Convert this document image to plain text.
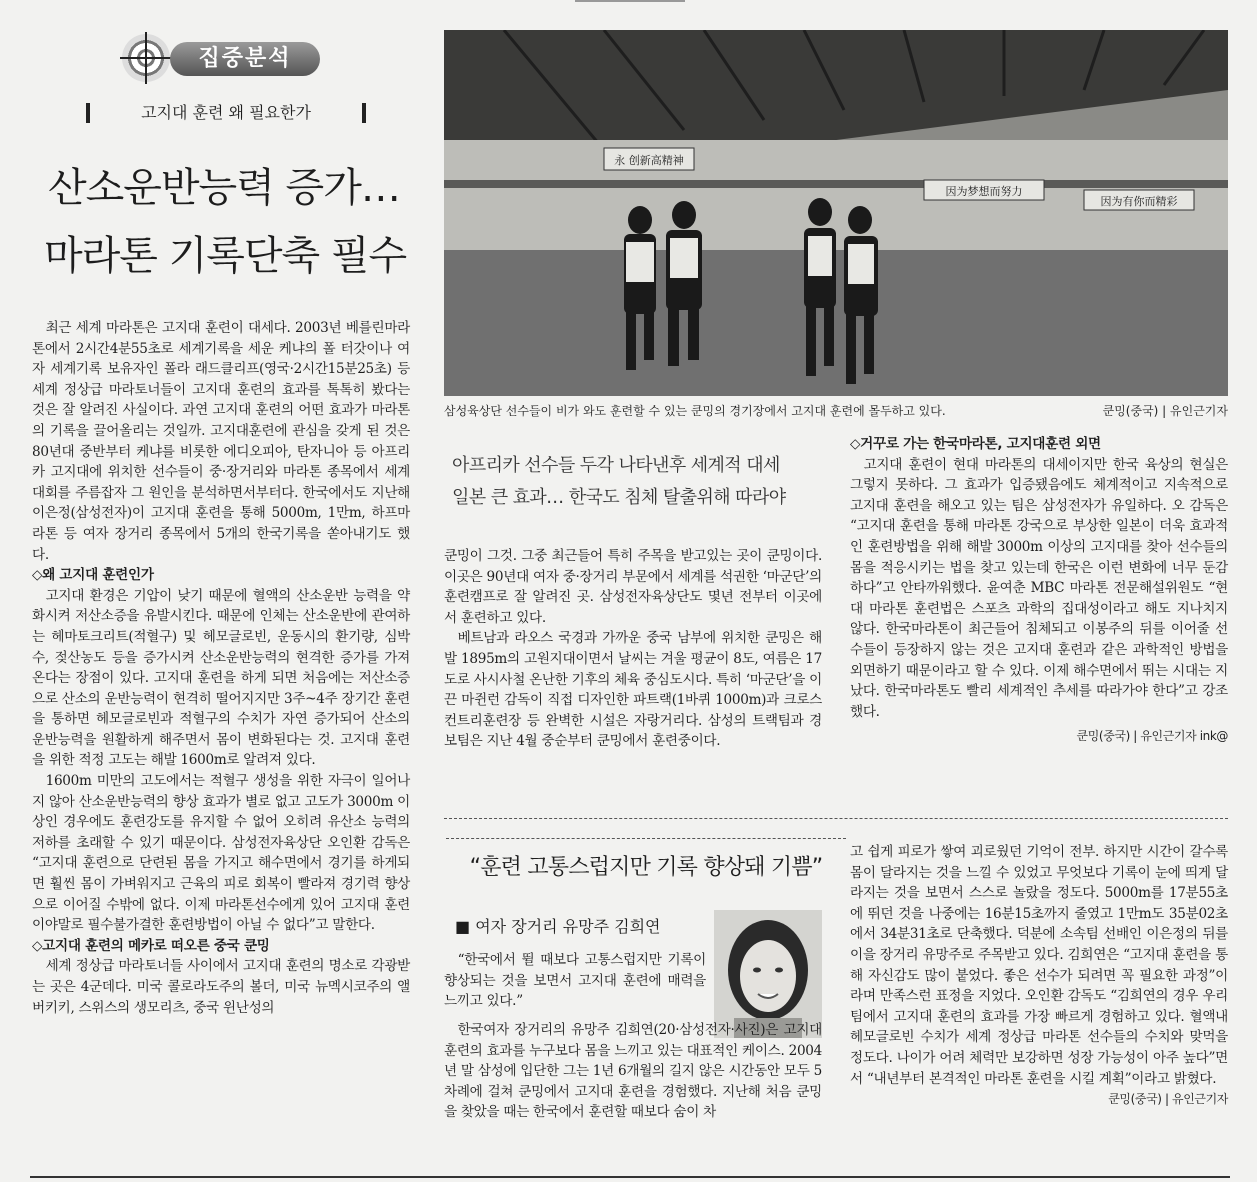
집중분석
고지대 훈련 왜 필요한가
산소운반능력 증가…
마라톤 기록단축 필수

최근 세계 마라톤은 고지대 훈련이 대세다. 2003년 베를린마라톤에서 2시간4분55초로 세계기록을 세운 케냐의 폴 터갓이나 여자 세계기록 보유자인 폴라 래드클리프(영국·2시간15분25초) 등 세계 정상급 마라토너들이 고지대 훈련의 효과를 톡톡히 봤다는 것은 잘 알려진 사실이다. 과연 고지대 훈련의 어떤 효과가 마라톤의 기록을 끌어올리는 것일까. 고지대훈련에 관심을 갖게 된 것은 80년대 중반부터 케냐를 비롯한 에디오피아, 탄자니아 등 아프리카 고지대에 위치한 선수들이 중·장거리와 마라톤 종목에서 세계대회를 주름잡자 그 원인을 분석하면서부터다. 한국에서도 지난해 이은정(삼성전자)이 고지대 훈련을 통해 5000m, 1만m, 하프마라톤 등 여자 장거리 종목에서 5개의 한국기록을 쏟아내기도 했다.

◇왜 고지대 훈련인가

고지대 환경은 기압이 낮기 때문에 혈액의 산소운반 능력을 약화시켜 저산소증을 유발시킨다. 때문에 인체는 산소운반에 관여하는 헤마토크리트(적혈구) 및 헤모글로빈, 운동시의 환기량, 심박수, 젖산농도 등을 증가시켜 산소운반능력의 현격한 증가를 가져온다는 장점이 있다. 고지대 훈련을 하게 되면 처음에는 저산소증으로 산소의 운반능력이 현격히 떨어지지만 3주~4주 장기간 훈련을 통하면 헤모글로빈과 적혈구의 수치가 자연 증가되어 산소의 운반능력을 원활하게 해주면서 몸이 변화된다는 것. 고지대 훈련을 위한 적정 고도는 해발 1600m로 알려져 있다.

1600m 미만의 고도에서는 적혈구 생성을 위한 자극이 일어나지 않아 산소운반능력의 향상 효과가 별로 없고 고도가 3000m 이상인 경우에도 훈련강도를 유지할 수 없어 오히려 유산소 능력의 저하를 초래할 수 있기 때문이다. 삼성전자육상단 오인환 감독은 “고지대 훈련으로 단련된 몸을 가지고 해수면에서 경기를 하게되면 훨씬 몸이 가벼워지고 근육의 피로 회복이 빨라져 경기력 향상으로 이어질 수밖에 없다. 이제 마라톤선수에게 있어 고지대 훈련이야말로 필수불가결한 훈련방법이 아닐 수 없다”고 말한다.

◇고지대 훈련의 메카로 떠오른 중국 쿤밍

세계 정상급 마라토너들 사이에서 고지대 훈련의 명소로 각광받는 곳은 4군데다. 미국 콜로라도주의 볼더, 미국 뉴멕시코주의 앨버키키, 스위스의 생모리츠, 중국 윈난성의

永 创新高精神
因为梦想而努力
因为有你而精彩
삼성육상단 선수들이 비가 와도 훈련할 수 있는 쿤밍의 경기장에서 고지대 훈련에 몰두하고 있다.	쿤밍(중국) | 유인근기자
아프리카 선수들 두각 나타낸후 세계적 대세
일본 큰 효과… 한국도 침체 탈출위해 따라야

쿤밍이 그것. 그중 최근들어 특히 주목을 받고있는 곳이 쿤밍이다. 이곳은 90년대 여자 중·장거리 부문에서 세계를 석권한 ‘마군단’의 훈련캠프로 잘 알려진 곳. 삼성전자육상단도 몇년 전부터 이곳에서 훈련하고 있다.

베트남과 라오스 국경과 가까운 중국 남부에 위치한 쿤밍은 해발 1895m의 고원지대이면서 날씨는 겨울 평균이 8도, 여름은 17도로 사시사철 온난한 기후의 체육 중심도시다. 특히 ‘마군단’을 이끈 마쥔런 감독이 직접 디자인한 파트랙(1바퀴 1000m)과 크로스컨트리훈련장 등 완벽한 시설은 자랑거리다. 삼성의 트랙팀과 경보팀은 지난 4월 중순부터 쿤밍에서 훈련중이다.

◇거꾸로 가는 한국마라톤, 고지대훈련 외면

고지대 훈련이 현대 마라톤의 대세이지만 한국 육상의 현실은 그렇지 못하다. 그 효과가 입증됐음에도 체계적이고 지속적으로 고지대 훈련을 해오고 있는 팀은 삼성전자가 유일하다. 오 감독은 “고지대 훈련을 통해 마라톤 강국으로 부상한 일본이 더욱 효과적인 훈련방법을 위해 해발 3000m 이상의 고지대를 찾아 선수들의 몸을 적응시키는 법을 찾고 있는데 한국은 이런 변화에 너무 둔감하다”고 안타까워했다. 윤여춘 MBC 마라톤 전문해설위원도 “현대 마라톤 훈련법은 스포츠 과학의 집대성이라고 해도 지나치지 않다. 한국마라톤이 최근들어 침체되고 이봉주의 뒤를 이어줄 선수들이 등장하지 않는 것은 고지대 훈련과 같은 과학적인 방법을 외면하기 때문이라고 할 수 있다. 이제 해수면에서 뛰는 시대는 지났다. 한국마라톤도 빨리 세계적인 추세를 따라가야 한다”고 강조했다.

쿤밍(중국) | 유인근기자 ink@
“훈련 고통스럽지만 기록 향상돼 기쁨”
■ 여자 장거리 유망주 김희연

“한국에서 뛸 때보다 고통스럽지만 기록이 향상되는 것을 보면서 고지대 훈련에 매력을 느끼고 있다.”

한국여자 장거리의 유망주 김희연(20·삼성전자·사진)은 고지대 훈련의 효과를 누구보다 몸을 느끼고 있는 대표적인 케이스. 2004년 말 삼성에 입단한 그는 1년 6개월의 길지 않은 시간동안 모두 5차례에 걸쳐 쿤밍에서 고지대 훈련을 경험했다. 지난해 처음 쿤밍을 찾았을 때는 한국에서 훈련할 때보다 숨이 차

고 쉽게 피로가 쌓여 괴로웠던 기억이 전부. 하지만 시간이 갈수록 몸이 달라지는 것을 느낄 수 있었고 무엇보다 기록이 눈에 띄게 달라지는 것을 보면서 스스로 놀랐을 정도다. 5000m를 17분55초에 뛰던 것을 나중에는 16분15초까지 줄였고 1만m도 35분02초에서 34분31초로 단축했다. 덕분에 소속팀 선배인 이은정의 뒤를 이을 장거리 유망주로 주목받고 있다. 김희연은 “고지대 훈련을 통해 자신감도 많이 붙었다. 좋은 선수가 되려면 꼭 필요한 과정”이라며 만족스런 표정을 지었다. 오인환 감독도 “김희연의 경우 우리팀에서 고지대 훈련의 효과를 가장 빠르게 경험하고 있다. 혈액내 헤모글로빈 수치가 세계 정상급 마라톤 선수들의 수치와 맞먹을 정도다. 나이가 어려 체력만 보강하면 성장 가능성이 아주 높다”면서 “내년부터 본격적인 마라톤 훈련을 시킬 계획”이라고 밝혔다.

쿤밍(중국) | 유인근기자
